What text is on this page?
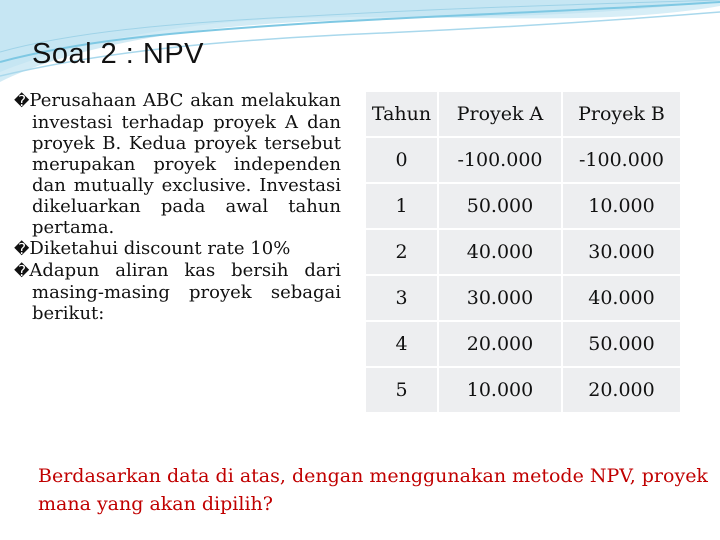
Soal 2 : NPV

�Perusahaan ABC akan melakukan investasi terhadap proyek A dan proyek B. Kedua proyek tersebut merupakan proyek independen dan mutually exclusive. Investasi dikeluarkan pada awal tahun pertama.

�Diketahui discount rate 10%

�Adapun aliran kas bersih dari masing-masing proyek sebagai berikut:

Tahun	Proyek A	Proyek B
0	-100.000	-100.000
1	50.000	10.000
2	40.000	30.000
3	30.000	40.000
4	20.000	50.000
5	10.000	20.000

Berdasarkan data di atas, dengan menggunakan metode NPV, proyek mana yang akan dipilih?
